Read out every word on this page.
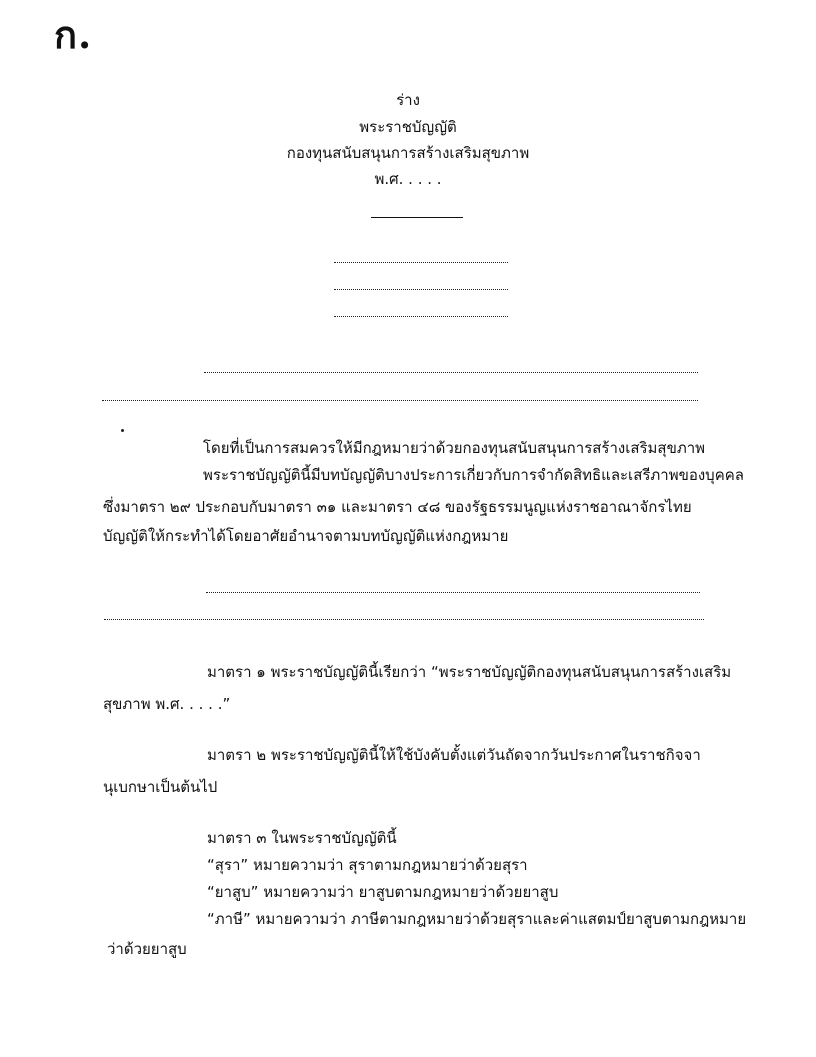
ก.
ร่าง
พระราชบัญญัติ
กองทุนสนับสนุนการสร้างเสริมสุขภาพ
พ.ศ. . . . .
โดยที่เป็นการสมควรให้มีกฎหมายว่าด้วยกองทุนสนับสนุนการสร้างเสริมสุขภาพ
พระราชบัญญัตินี้มีบทบัญญัติบางประการเกี่ยวกับการจำกัดสิทธิและเสรีภาพของบุคคล
ซึ่งมาตรา ๒๙ ประกอบกับมาตรา ๓๑ และมาตรา ๔๘ ของรัฐธรรมนูญแห่งราชอาณาจักรไทย
บัญญัติให้กระทำได้โดยอาศัยอำนาจตามบทบัญญัติแห่งกฎหมาย
มาตรา ๑ พระราชบัญญัตินี้เรียกว่า “พระราชบัญญัติกองทุนสนับสนุนการสร้างเสริม
สุขภาพ พ.ศ. . . . .”
มาตรา ๒ พระราชบัญญัตินี้ให้ใช้บังคับตั้งแต่วันถัดจากวันประกาศในราชกิจจา
นุเบกษาเป็นต้นไป
มาตรา ๓ ในพระราชบัญญัตินี้
“สุรา” หมายความว่า สุราตามกฎหมายว่าด้วยสุรา
“ยาสูบ” หมายความว่า ยาสูบตามกฎหมายว่าด้วยยาสูบ
“ภาษี” หมายความว่า ภาษีตามกฎหมายว่าด้วยสุราและค่าแสตมป์ยาสูบตามกฎหมาย
ว่าด้วยยาสูบ
